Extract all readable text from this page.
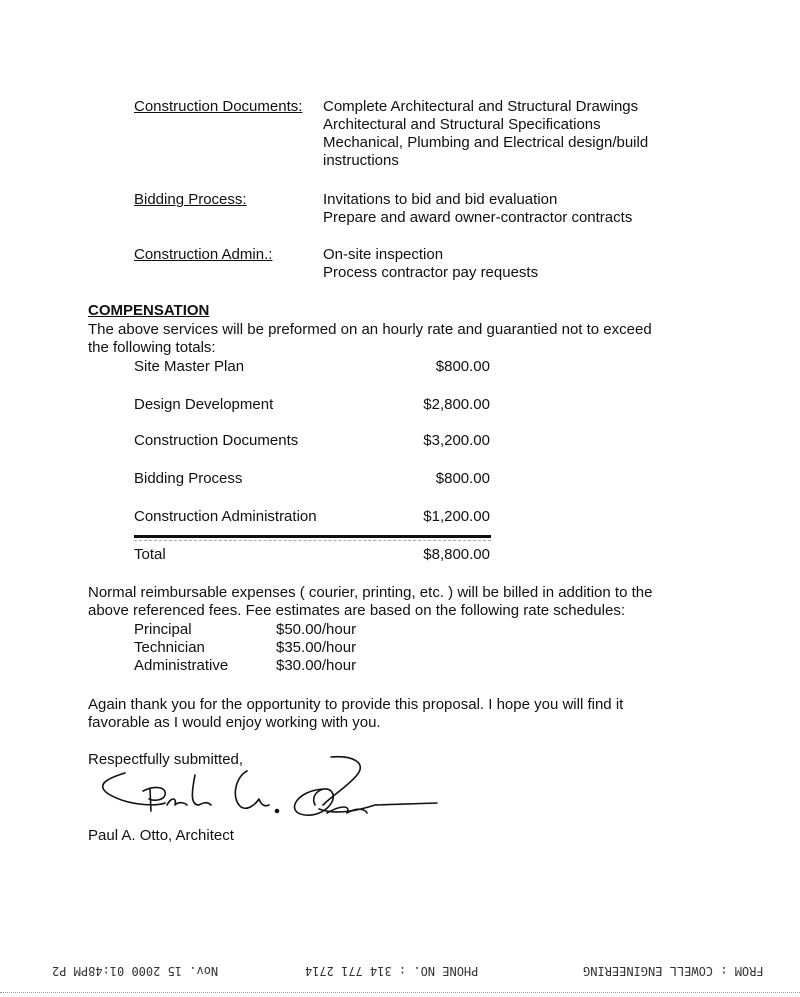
Construction Documents: Complete Architectural and Structural Drawings
Architectural and Structural Specifications
Mechanical, Plumbing and Electrical design/build
instructions
Bidding Process:	Invitations to bid and bid evaluation
Prepare and award owner-contractor contracts
Construction Admin.:	On-site inspection
Process contractor pay requests
COMPENSATION
The above services will be preformed on an hourly rate and guarantied not to exceed
the following totals:
Site Master Plan	$800.00
Design Development	$2,800.00
Construction Documents	$3,200.00
Bidding Process	$800.00
Construction Administration	$1,200.00
Total	$8,800.00
Normal reimbursable expenses ( courier, printing, etc. ) will be billed in addition to the
above referenced fees. Fee estimates are based on the following rate schedules:
Principal	$50.00/hour
Technician	$35.00/hour
Administrative	$30.00/hour
Again thank you for the opportunity to provide this proposal. I hope you will find it
favorable as I would enjoy working with you.
Respectfully submitted,
Paul A. Otto, Architect
Nov. 15 2000 01:48PM P2	PHONE NO. : 314 771 2714	FROM : COWELL ENGINEERING
